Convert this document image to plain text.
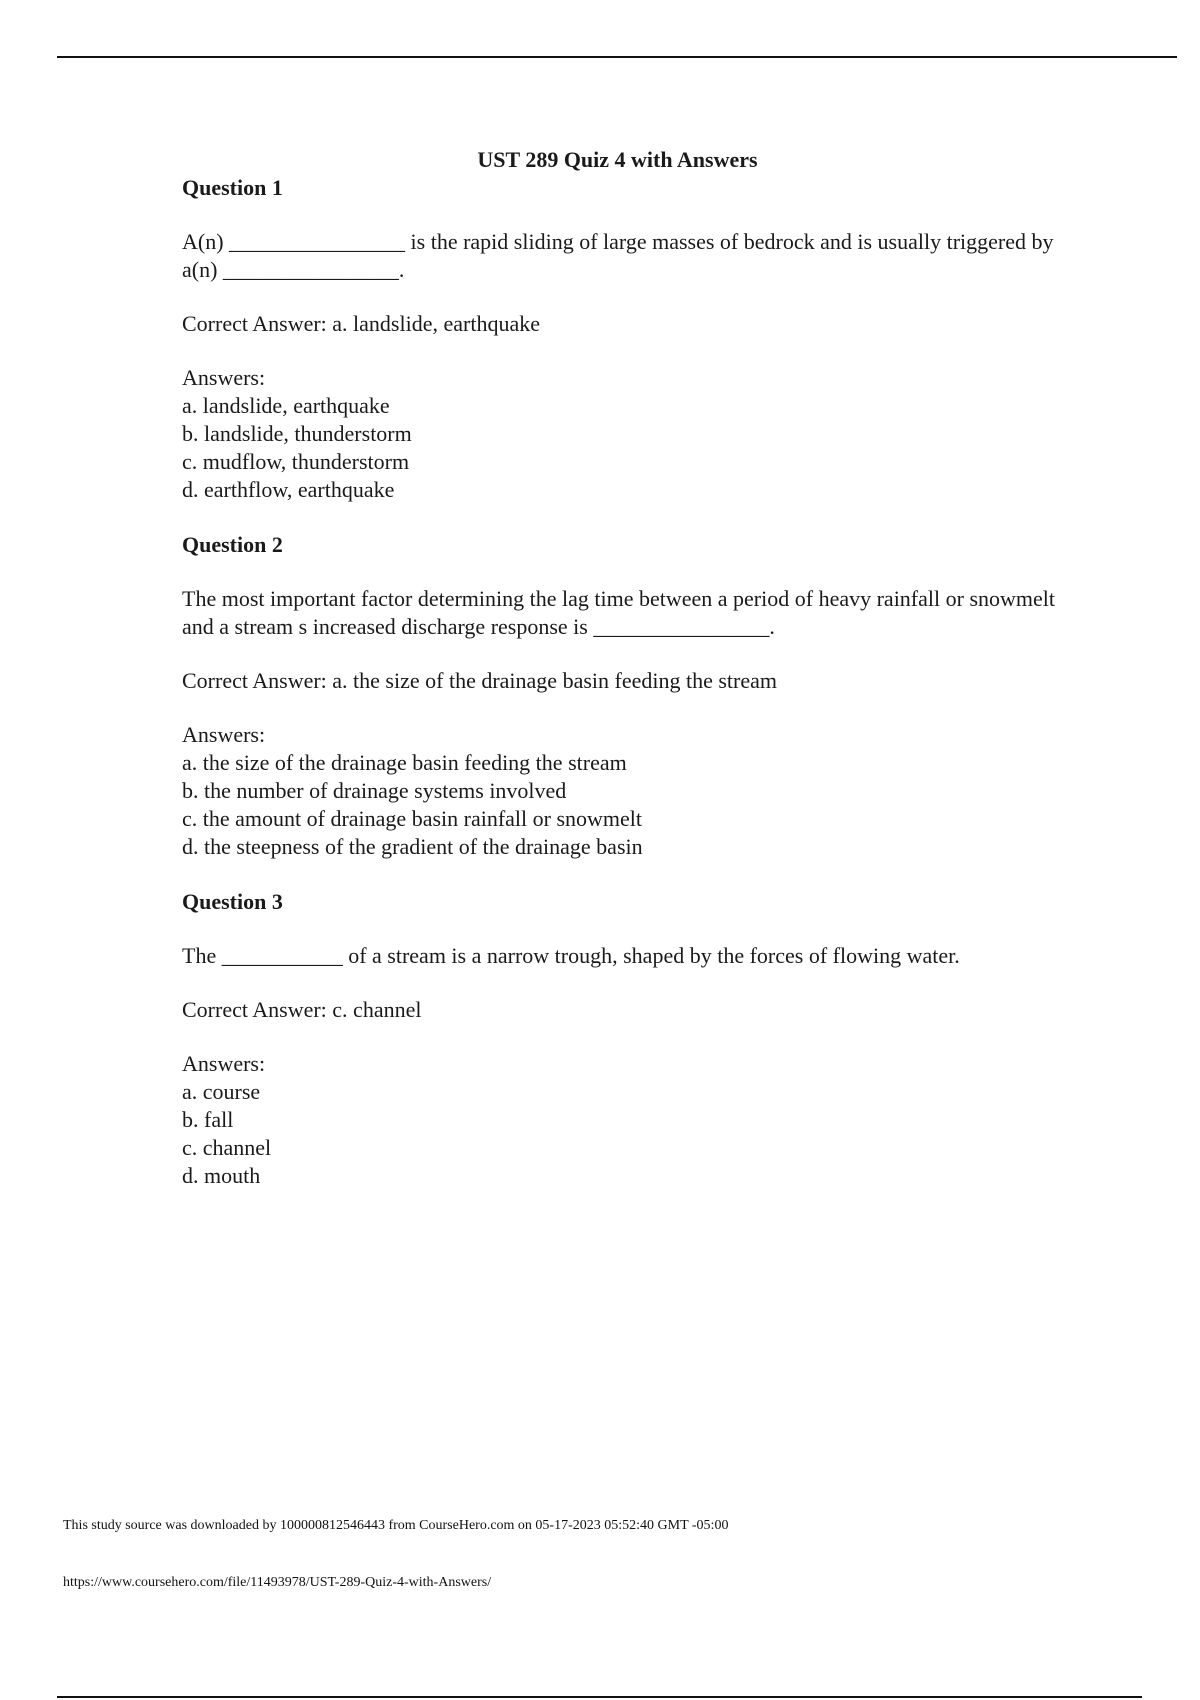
UST 289 Quiz 4 with Answers

Question 1

A(n) ________________ is the rapid sliding of large masses of bedrock and is usually triggered by a(n) ________________.

Correct Answer: a. landslide, earthquake

Answers:

a. landslide, earthquake
b. landslide, thunderstorm
c. mudflow, thunderstorm
d. earthflow, earthquake

Question 2

The most important factor determining the lag time between a period of heavy rainfall or snowmelt and a stream s increased discharge response is ________________.

Correct Answer: a. the size of the drainage basin feeding the stream

Answers:

a. the size of the drainage basin feeding the stream
b. the number of drainage systems involved
c. the amount of drainage basin rainfall or snowmelt
d. the steepness of the gradient of the drainage basin

Question 3

The ___________ of a stream is a narrow trough, shaped by the forces of flowing water.

Correct Answer: c. channel

Answers:

a. course
b. fall
c. channel
d. mouth
This study source was downloaded by 100000812546443 from CourseHero.com on 05-17-2023 05:52:40 GMT -05:00
https://www.coursehero.com/file/11493978/UST-289-Quiz-4-with-Answers/
